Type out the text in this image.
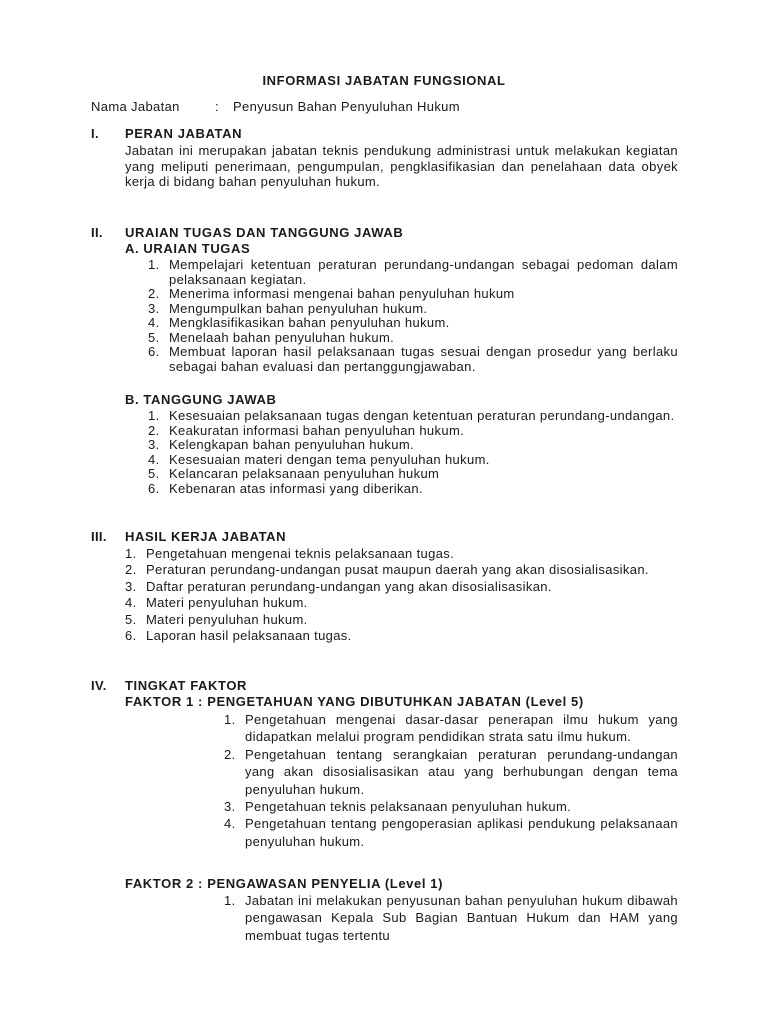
INFORMASI JABATAN FUNGSIONAL
Nama Jabatan	: Penyusun Bahan Penyuluhan Hukum
I. PERAN JABATAN
Jabatan ini merupakan jabatan teknis pendukung administrasi untuk melakukan kegiatan yang meliputi penerimaan, pengumpulan, pengklasifikasian dan penelahaan data obyek kerja di bidang bahan penyuluhan hukum.
II. URAIAN TUGAS DAN TANGGUNG JAWAB
A. URAIAN TUGAS
1. Mempelajari ketentuan peraturan perundang-undangan sebagai pedoman dalam pelaksanaan kegiatan.
2. Menerima informasi mengenai bahan penyuluhan hukum
3. Mengumpulkan bahan penyuluhan hukum.
4. Mengklasifikasikan bahan penyuluhan hukum.
5. Menelaah bahan penyuluhan hukum.
6. Membuat laporan hasil pelaksanaan tugas sesuai dengan prosedur yang berlaku sebagai bahan evaluasi dan pertanggungjawaban.
B. TANGGUNG JAWAB
1. Kesesuaian pelaksanaan tugas dengan ketentuan peraturan perundang-undangan.
2. Keakuratan informasi bahan penyuluhan hukum.
3. Kelengkapan bahan penyuluhan hukum.
4. Kesesuaian materi dengan tema penyuluhan hukum.
5. Kelancaran pelaksanaan penyuluhan hukum
6. Kebenaran atas informasi yang diberikan.
III. HASIL KERJA JABATAN
1. Pengetahuan mengenai teknis pelaksanaan tugas.
2. Peraturan perundang-undangan pusat maupun daerah yang akan disosialisasikan.
3. Daftar peraturan perundang-undangan yang akan disosialisasikan.
4. Materi penyuluhan hukum.
5. Materi penyuluhan hukum.
6. Laporan hasil pelaksanaan tugas.
IV. TINGKAT FAKTOR
FAKTOR 1 : PENGETAHUAN YANG DIBUTUHKAN JABATAN (Level 5)
1. Pengetahuan mengenai dasar-dasar penerapan ilmu hukum yang didapatkan melalui program pendidikan strata satu ilmu hukum.
2. Pengetahuan tentang serangkaian peraturan perundang-undangan yang akan disosialisasikan atau yang berhubungan dengan tema penyuluhan hukum.
3. Pengetahuan teknis pelaksanaan penyuluhan hukum.
4. Pengetahuan tentang pengoperasian aplikasi pendukung pelaksanaan penyuluhan hukum.
FAKTOR 2 : PENGAWASAN PENYELIA (Level 1)
1. Jabatan ini melakukan penyusunan bahan penyuluhan hukum dibawah pengawasan Kepala Sub Bagian Bantuan Hukum dan HAM yang membuat tugas tertentu
